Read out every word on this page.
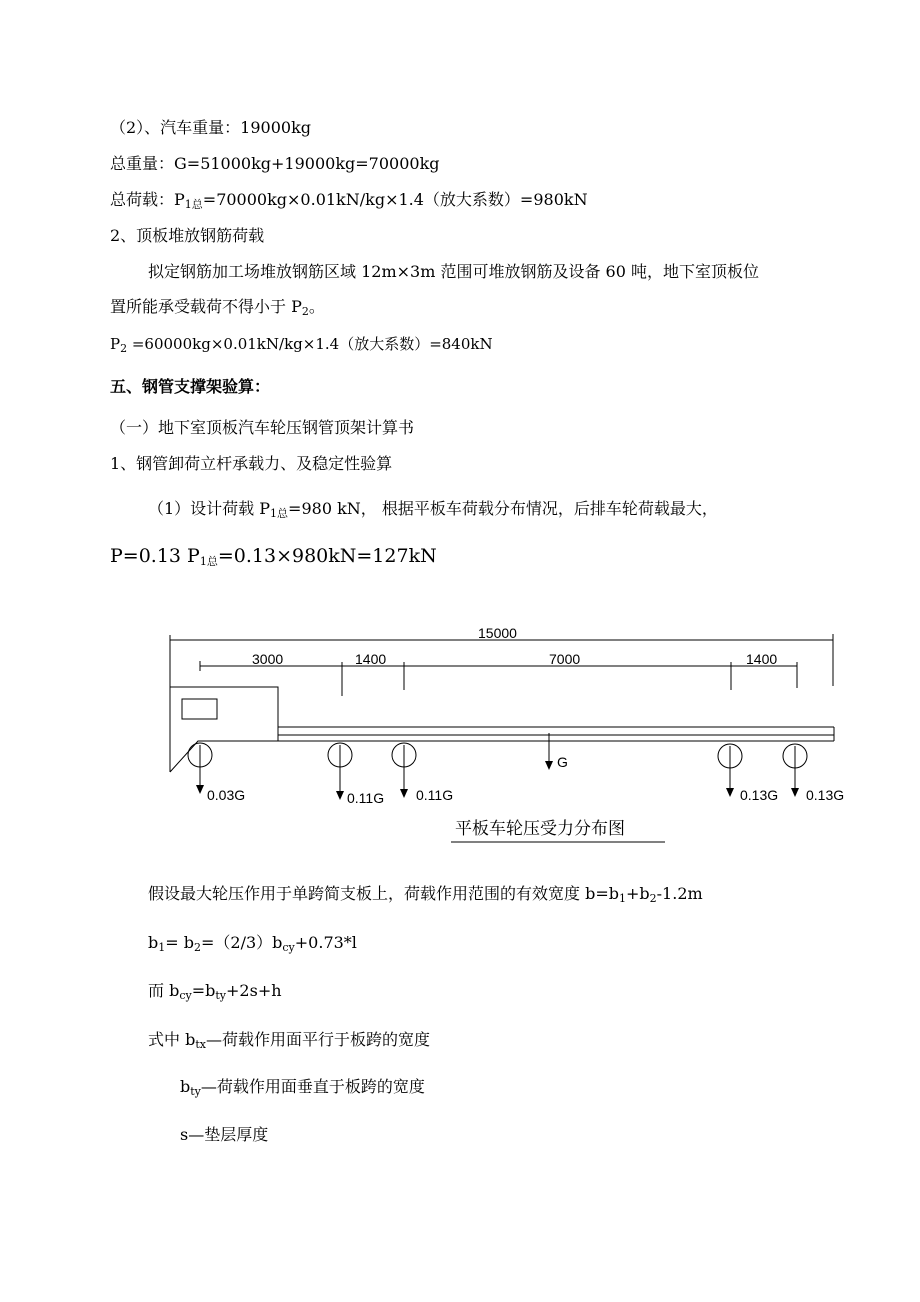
（2）、汽车重量：19000kg
总重量：G=51000kg+19000kg=70000kg
总荷载：$P_{1总}=70000kg\times 0.01kN/kg\times 1.4$（放大系数）=980kN
2、顶板堆放钢筋荷载
拟定钢筋加工场堆放钢筋区域 12m×3m 范围可堆放钢筋及设备 60 吨，地下室顶板位
置所能承受载荷不得小于 $P_2$。
$P_2 =60000kg\times 0.01kN/kg\times 1.4$（放大系数）=840kN
五、钢管支撑架验算：
（一）地下室顶板汽车轮压钢管顶架计算书
1、钢管卸荷立杆承载力、及稳定性验算
（1）设计荷载 $P_{1总}=980$ kN， 根据平板车荷载分布情况，后排车轮荷载最大，
P=0.13 $P_{1总}=0.13\times 980kN=127kN$
15000
3000	1400	7000	1400
G
0.03G	0.11G 0.11G	0.13G 0.13G
平板车轮压受力分布图
假设最大轮压作用于单跨简支板上，荷载作用范围的有效宽度 $b=b_1+b_2-1.2m$
$b_1= b_2=(2/3)b_{cy}+0.73*l$
而 $b_{cy}=b_{ty}+2s+h$
式中 $b_{tx}—$荷载作用面平行于板跨的宽度
$b_{ty}—$荷载作用面垂直于板跨的宽度
s—垫层厚度
